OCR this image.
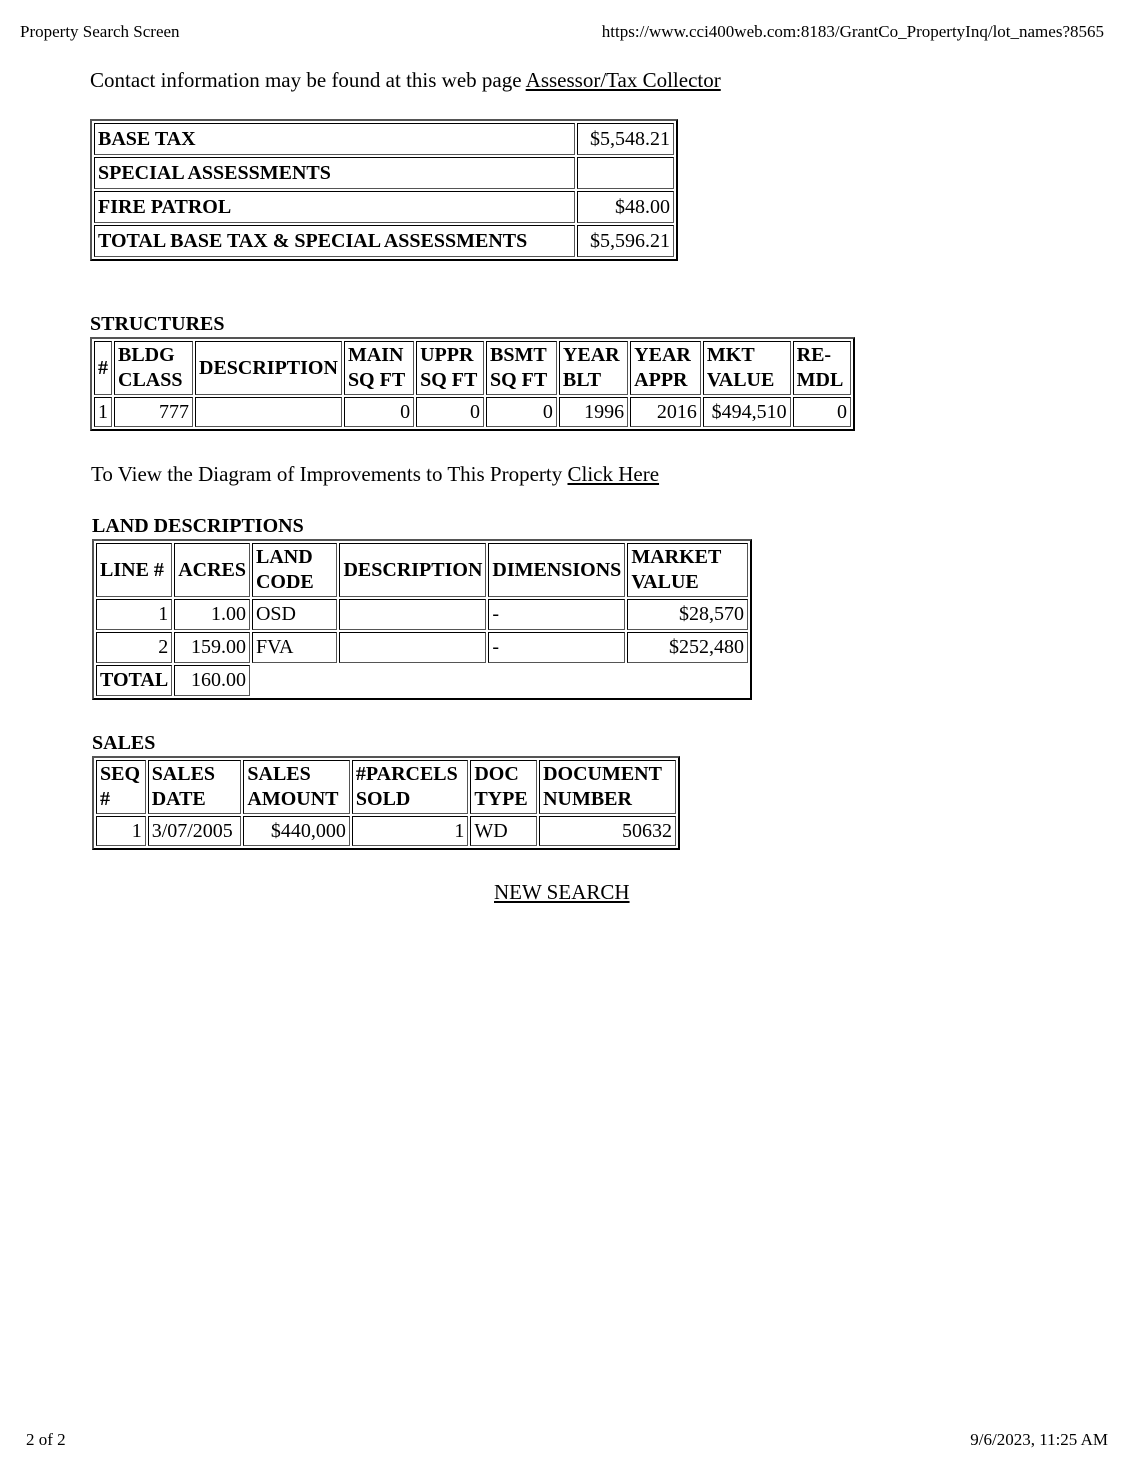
Property Search Screen	https://www.cci400web.com:8183/GrantCo_PropertyInq/lot_names?8565
Contact information may be found at this web page Assessor/Tax Collector
BASE TAX	$5,548.21
SPECIAL ASSESSMENTS	
FIRE PATROL	$48.00
TOTAL BASE TAX & SPECIAL ASSESSMENTS	$5,596.21
STRUCTURES
#	BLDG CLASS	DESCRIPTION	MAIN SQ FT	UPPR SQ FT	BSMT SQ FT	YEAR BLT	YEAR APPR	MKT VALUE	RE-MDL
1	777		0	0	0	1996	2016	$494,510	0
To View the Diagram of Improvements to This Property Click Here
LAND DESCRIPTIONS
LINE #	ACRES	LAND CODE	DESCRIPTION	DIMENSIONS	MARKET VALUE
1	1.00	OSD		-	$28,570
2	159.00	FVA		-	$252,480
TOTAL	160.00				
SALES
SEQ #	SALES DATE	SALES AMOUNT	#PARCELS SOLD	DOC TYPE	DOCUMENT NUMBER
1	3/07/2005	$440,000	1	WD	50632
NEW SEARCH
2 of 2	9/6/2023, 11:25 AM
